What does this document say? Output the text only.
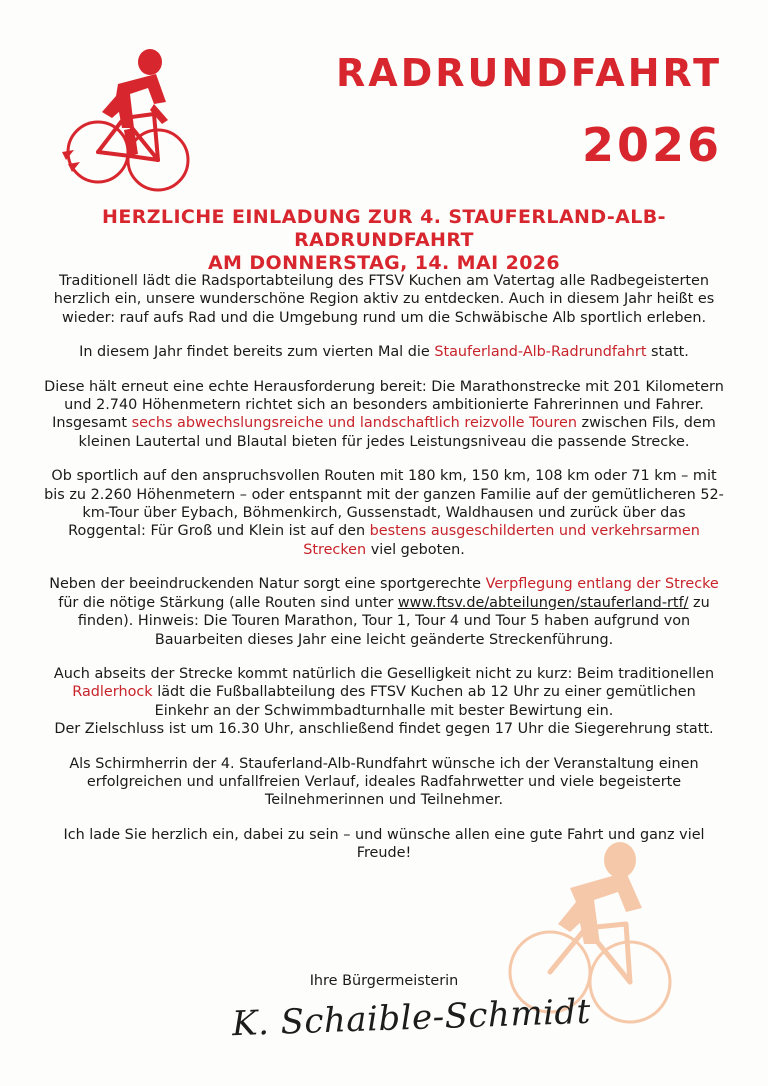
RADRUNDFAHRT
2026
HERZLICHE EINLADUNG ZUR 4. STAUFERLAND-ALB-RADRUNDFAHRT
AM DONNERSTAG, 14. MAI 2026

Traditionell lädt die Radsportabteilung des FTSV Kuchen am Vatertag alle Radbegeisterten herzlich ein, unsere wunderschöne Region aktiv zu entdecken. Auch in diesem Jahr heißt es wieder: rauf aufs Rad und die Umgebung rund um die Schwäbische Alb sportlich erleben.

In diesem Jahr findet bereits zum vierten Mal die Stauferland-Alb-Radrundfahrt statt.

Diese hält erneut eine echte Herausforderung bereit: Die Marathonstrecke mit 201 Kilometern und 2.740 Höhenmetern richtet sich an besonders ambitionierte Fahrerinnen und Fahrer.
Insgesamt sechs abwechslungsreiche und landschaftlich reizvolle Touren zwischen Fils, dem kleinen Lautertal und Blautal bieten für jedes Leistungsniveau die passende Strecke.

Ob sportlich auf den anspruchsvollen Routen mit 180 km, 150 km, 108 km oder 71 km – mit bis zu 2.260 Höhenmetern – oder entspannt mit der ganzen Familie auf der gemütlicheren 52-km-Tour über Eybach, Böhmenkirch, Gussenstadt, Waldhausen und zurück über das Roggental: Für Groß und Klein ist auf den bestens ausgeschilderten und verkehrsarmen Strecken viel geboten.

Neben der beeindruckenden Natur sorgt eine sportgerechte Verpflegung entlang der Strecke für die nötige Stärkung (alle Routen sind unter www.ftsv.de/abteilungen/stauferland-rtf/ zu finden). Hinweis: Die Touren Marathon, Tour 1, Tour 4 und Tour 5 haben aufgrund von Bauarbeiten dieses Jahr eine leicht geänderte Streckenführung.

Auch abseits der Strecke kommt natürlich die Geselligkeit nicht zu kurz: Beim traditionellen Radlerhock lädt die Fußballabteilung des FTSV Kuchen ab 12 Uhr zu einer gemütlichen Einkehr an der Schwimmbadturnhalle mit bester Bewirtung ein.
Der Zielschluss ist um 16.30 Uhr, anschließend findet gegen 17 Uhr die Siegerehrung statt.

Als Schirmherrin der 4. Stauferland-Alb-Rundfahrt wünsche ich der Veranstaltung einen erfolgreichen und unfallfreien Verlauf, ideales Radfahrwetter und viele begeisterte Teilnehmerinnen und Teilnehmer.

Ich lade Sie herzlich ein, dabei zu sein – und wünsche allen eine gute Fahrt und ganz viel Freude!

Ihre Bürgermeisterin
K. Schaible-Schmidt
